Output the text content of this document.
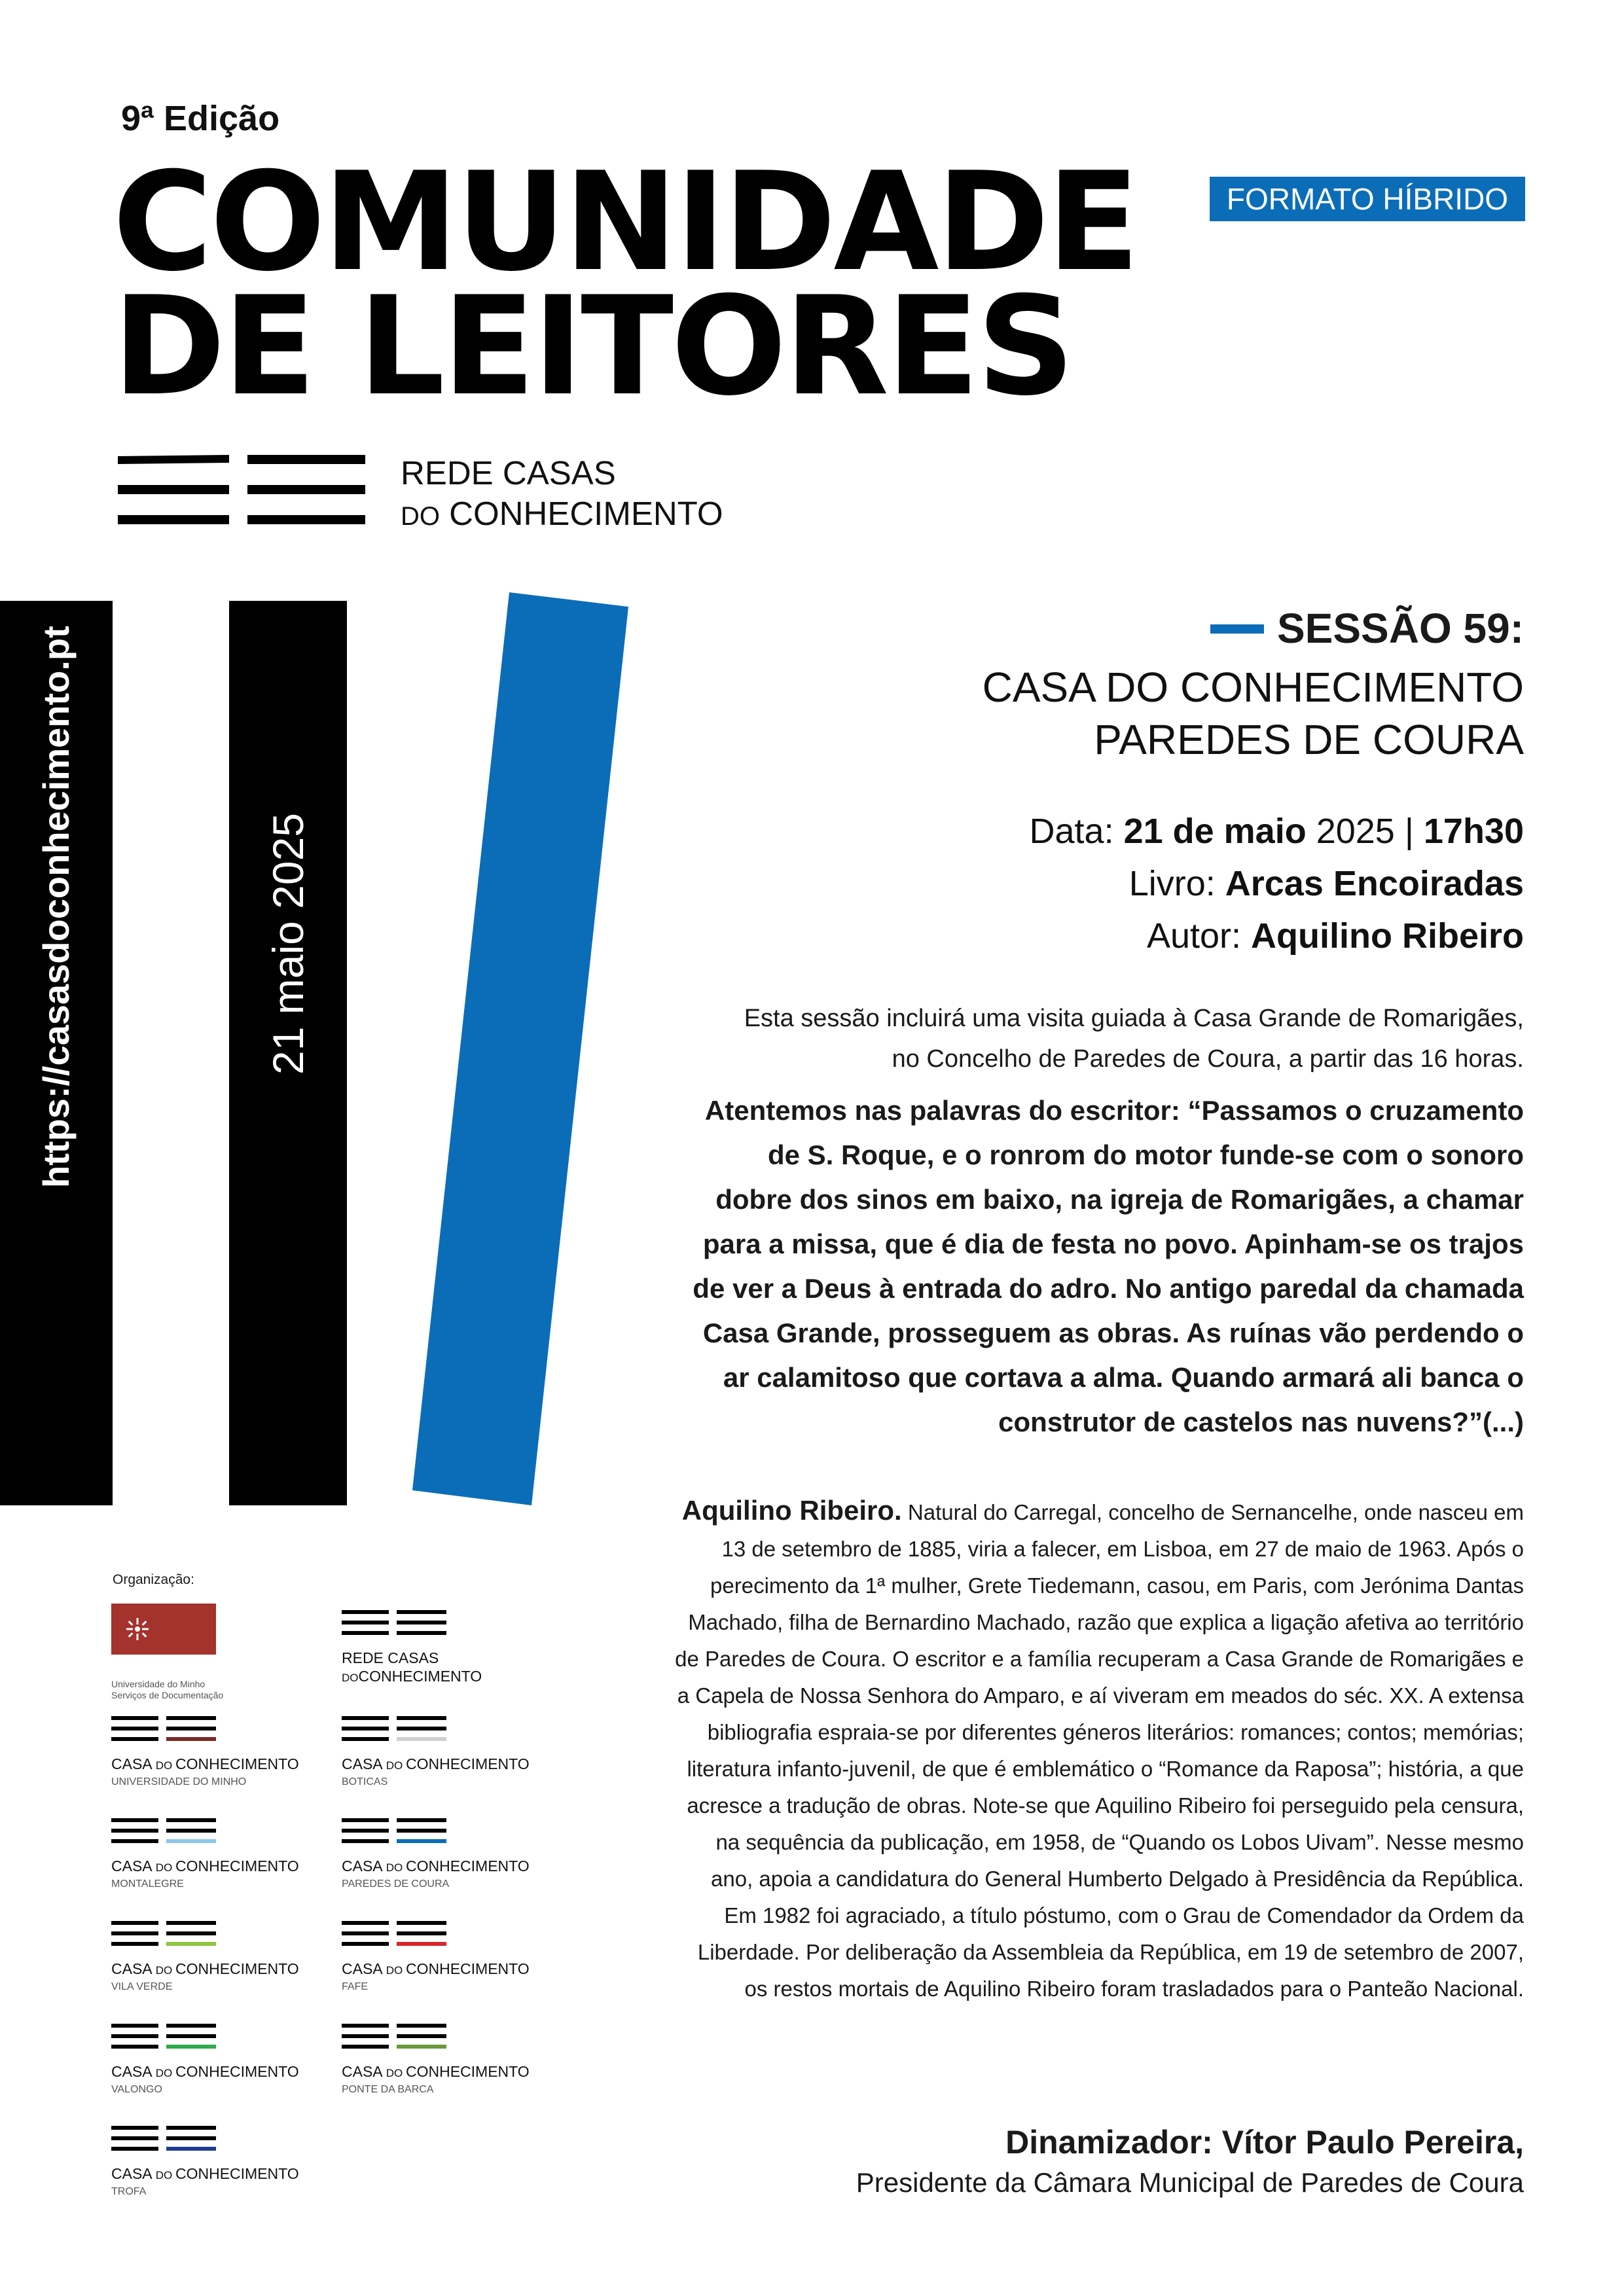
9ª Edição
COMUNIDADE
DE LEITORES
FORMATO HÍBRIDO
REDE CASAS
DO CONHECIMENTO
https://casasdoconhecimento.pt	21 maio 2025
SESSÃO 59:
CASA DO CONHECIMENTO
PAREDES DE COURA
Data: 21 de maio 2025 | 17h30
Livro: Arcas Encoiradas
Autor: Aquilino Ribeiro
Esta sessão incluirá uma visita guiada à Casa Grande de Romarigães,
no Concelho de Paredes de Coura, a partir das 16 horas.
Atentemos nas palavras do escritor: “Passamos o cruzamento de S. Roque, e o ronrom do motor funde-se com o sonoro dobre dos sinos em baixo, na igreja de Romarigães, a chamar para a missa, que é dia de festa no povo. Apinham-se os trajos de ver a Deus à entrada do adro. No antigo paredal da chamada Casa Grande, prosseguem as obras. As ruínas vão perdendo o ar calamitoso que cortava a alma. Quando armará ali banca o construtor de castelos nas nuvens?”(...)
Aquilino Ribeiro. Natural do Carregal, concelho de Sernancelhe, onde nasceu em 13 de setembro de 1885, viria a falecer, em Lisboa, em 27 de maio de 1963. Após o perecimento da 1ª mulher, Grete Tiedemann, casou, em Paris, com Jerónima Dantas Machado, filha de Bernardino Machado, razão que explica a ligação afetiva ao território de Paredes de Coura. O escritor e a família recuperam a Casa Grande de Romarigães e a Capela de Nossa Senhora do Amparo, e aí viveram em meados do séc. XX. A extensa bibliografia espraia-se por diferentes géneros literários: romances; contos; memórias; literatura infanto-juvenil, de que é emblemático o “Romance da Raposa”; história, a que acresce a tradução de obras. Note-se que Aquilino Ribeiro foi perseguido pela censura, na sequência da publicação, em 1958, de “Quando os Lobos Uivam”. Nesse mesmo ano, apoia a candidatura do General Humberto Delgado à Presidência da República. Em 1982 foi agraciado, a título póstumo, com o Grau de Comendador da Ordem da Liberdade. Por deliberação da Assembleia da República, em 19 de setembro de 2007, os restos mortais de Aquilino Ribeiro foram trasladados para o Panteão Nacional.
Dinamizador: Vítor Paulo Pereira,
Presidente da Câmara Municipal de Paredes de Coura
Organização:
Universidade do Minho
Serviços de Documentação
REDE CASAS
DOCONHECIMENTO
CASA DO CONHECIMENTO
UNIVERSIDADE DO MINHO
CASA DO CONHECIMENTO
BOTICAS
CASA DO CONHECIMENTO
MONTALEGRE
CASA DO CONHECIMENTO
PAREDES DE COURA
CASA DO CONHECIMENTO
VILA VERDE
CASA DO CONHECIMENTO
FAFE
CASA DO CONHECIMENTO
VALONGO
CASA DO CONHECIMENTO
PONTE DA BARCA
CASA DO CONHECIMENTO
TROFA
